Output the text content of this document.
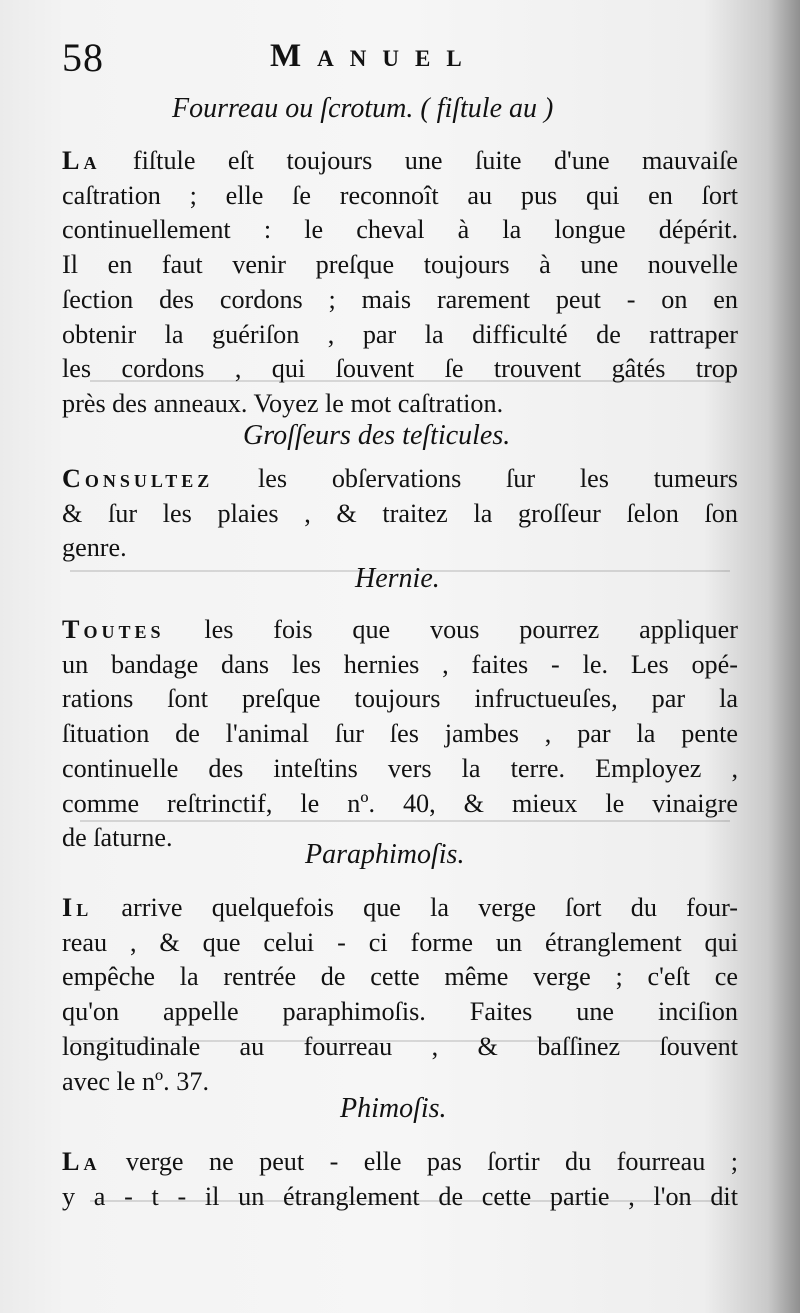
58	Manuel
Fourreau ou ſcrotum. ( fiſtule au )
La fiſtule eſt toujours une ſuite d'une mauvaiſe
caſtration ; elle ſe reconnoît au pus qui en ſort
continuellement : le cheval à la longue dépérit.
Il en faut venir preſque toujours à une nouvelle
ſection des cordons ; mais rarement peut - on en
obtenir la guériſon , par la difficulté de rattraper
les cordons , qui ſouvent ſe trouvent gâtés trop
près des anneaux. Voyez le mot caſtration.
Groſſeurs des teſticules.
Consultez les obſervations ſur les tumeurs
& ſur les plaies , & traitez la groſſeur ſelon ſon
genre.
Hernie.
Toutes les fois que vous pourrez appliquer
un bandage dans les hernies , faites - le. Les opé-
rations ſont preſque toujours infructueuſes, par la
ſituation de l'animal ſur ſes jambes , par la pente
continuelle des inteſtins vers la terre. Employez ,
comme reſtrinctif, le nº. 40, & mieux le vinaigre
de ſaturne.
Paraphimoſis.
Il arrive quelquefois que la verge ſort du four-
reau , & que celui - ci forme un étranglement qui
empêche la rentrée de cette même verge ; c'eſt ce
qu'on appelle paraphimoſis. Faites une inciſion
longitudinale au fourreau , & baſſinez ſouvent
avec le nº. 37.
Phimoſis.
La verge ne peut - elle pas ſortir du fourreau ;
y a - t - il un étranglement de cette partie , l'on dit
